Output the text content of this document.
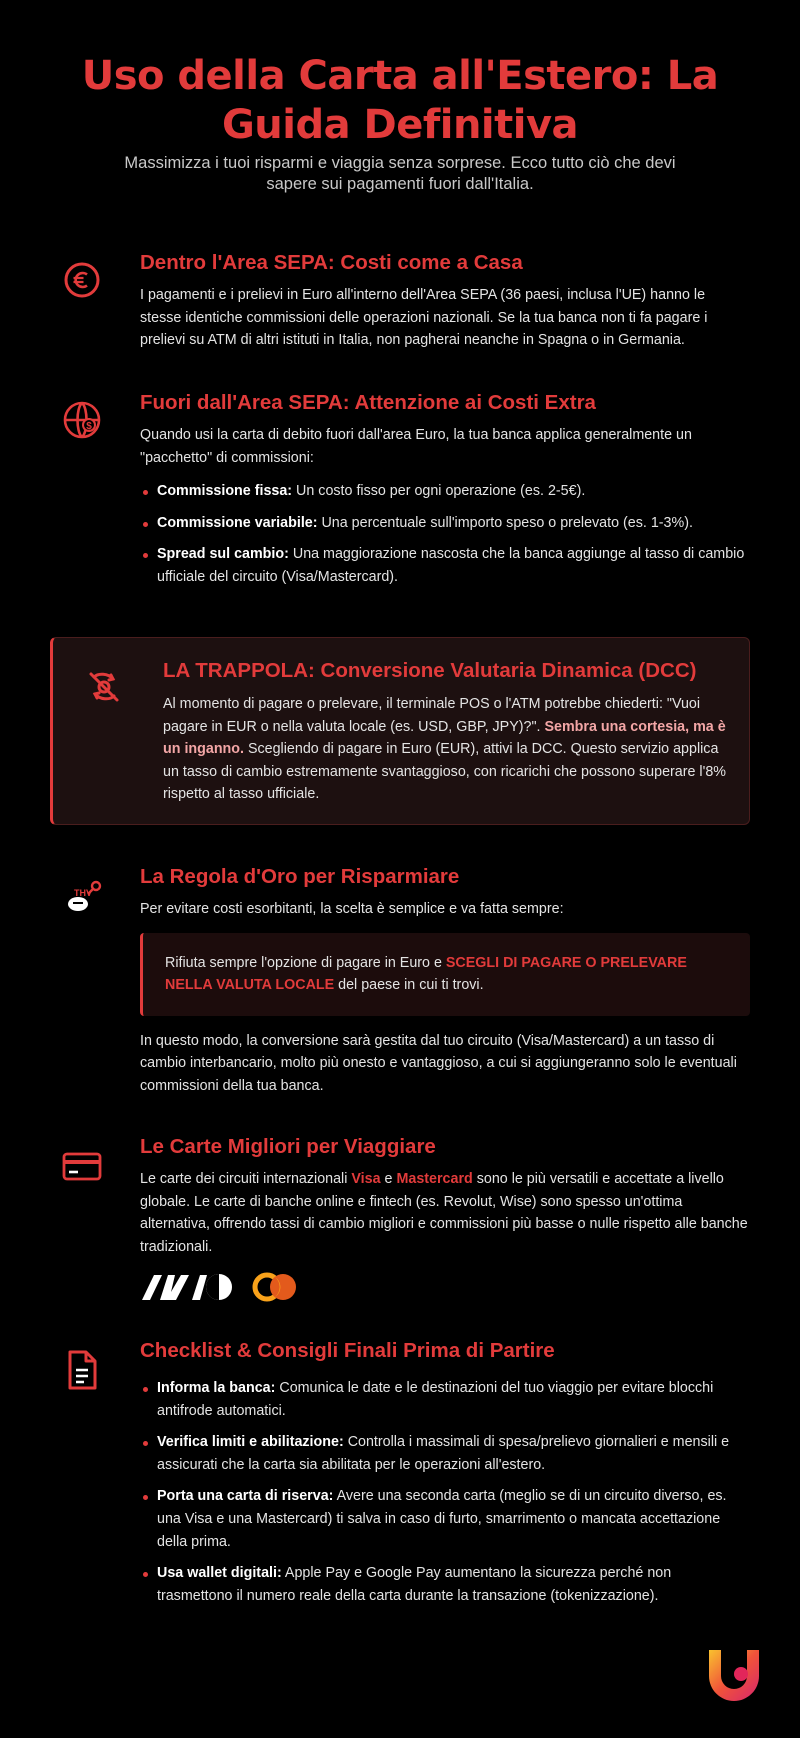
Uso della Carta all'Estero: La Guida Definitiva
Massimizza i tuoi risparmi e viaggia senza sorprese. Ecco tutto ciò che devi sapere sui pagamenti fuori dall'Italia.
Dentro l'Area SEPA: Costi come a Casa

I pagamenti e i prelievi in Euro all'interno dell'Area SEPA (36 paesi, inclusa l'UE) hanno le stesse identiche commissioni delle operazioni nazionali. Se la tua banca non ti fa pagare i prelievi su ATM di altri istituti in Italia, non pagherai neanche in Spagna o in Germania.

$
Fuori dall'Area SEPA: Attenzione ai Costi Extra

Quando usi la carta di debito fuori dall'area Euro, la tua banca applica generalmente un "pacchetto" di commissioni:

Commissione fissa: Un costo fisso per ogni operazione (es. 2-5€).
Commissione variabile: Una percentuale sull'importo speso o prelevato (es. 1-3%).
Spread sul cambio: Una maggiorazione nascosta che la banca aggiunge al tasso di cambio ufficiale del circuito (Visa/Mastercard).
LA TRAPPOLA: Conversione Valutaria Dinamica (DCC)

Al momento di pagare o prelevare, il terminale POS o l'ATM potrebbe chiederti: "Vuoi pagare in EUR o nella valuta locale (es. USD, GBP, JPY)?". Sembra una cortesia, ma è un inganno. Scegliendo di pagare in Euro (EUR), attivi la DCC. Questo servizio applica un tasso di cambio estremamente svantaggioso, con ricarichi che possono superare l'8% rispetto al tasso ufficiale.

THV
La Regola d'Oro per Risparmiare

Per evitare costi esorbitanti, la scelta è semplice e va fatta sempre:

Rifiuta sempre l'opzione di pagare in Euro e SCEGLI DI PAGARE O PRELEVARE NELLA VALUTA LOCALE del paese in cui ti trovi.

In questo modo, la conversione sarà gestita dal tuo circuito (Visa/Mastercard) a un tasso di cambio interbancario, molto più onesto e vantaggioso, a cui si aggiungeranno solo le eventuali commissioni della tua banca.

Le Carte Migliori per Viaggiare

Le carte dei circuiti internazionali Visa e Mastercard sono le più versatili e accettate a livello globale. Le carte di banche online e fintech (es. Revolut, Wise) sono spesso un'ottima alternativa, offrendo tassi di cambio migliori e commissioni più basse o nulle rispetto alle banche tradizionali.

Checklist & Consigli Finali Prima di Partire
Informa la banca: Comunica le date e le destinazioni del tuo viaggio per evitare blocchi antifrode automatici.
Verifica limiti e abilitazione: Controlla i massimali di spesa/prelievo giornalieri e mensili e assicurati che la carta sia abilitata per le operazioni all'estero.
Porta una carta di riserva: Avere una seconda carta (meglio se di un circuito diverso, es. una Visa e una Mastercard) ti salva in caso di furto, smarrimento o mancata accettazione della prima.
Usa wallet digitali: Apple Pay e Google Pay aumentano la sicurezza perché non trasmettono il numero reale della carta durante la transazione (tokenizzazione).
